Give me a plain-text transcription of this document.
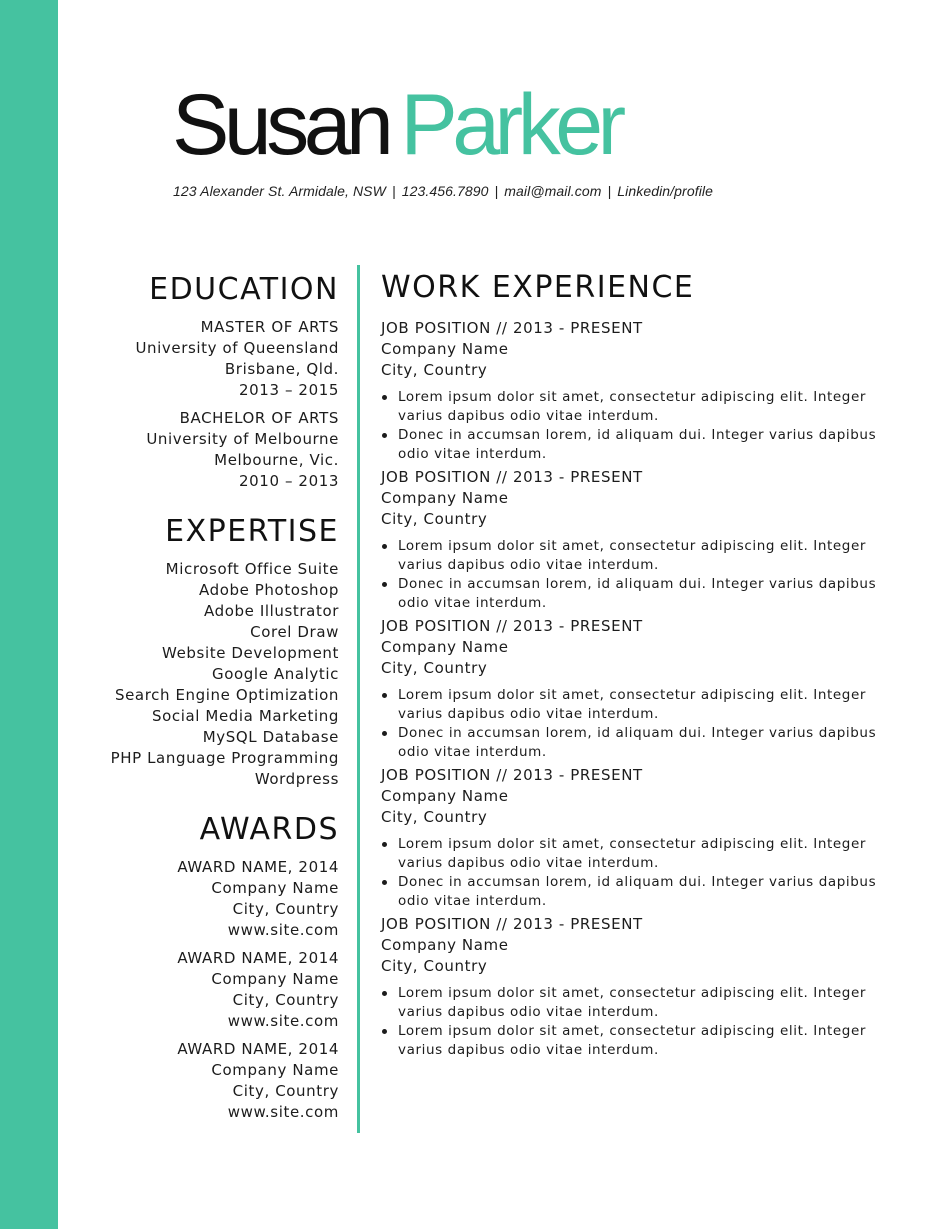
Susan Parker
123 Alexander St. Armidale, NSW | 123.456.7890 | mail@mail.com | Linkedin/profile
EDUCATION
MASTER OF ARTS
University of Queensland
Brisbane, Qld.
2013 – 2015
BACHELOR OF ARTS
University of Melbourne
Melbourne, Vic.
2010 – 2013
EXPERTISE
Microsoft Office Suite
Adobe Photoshop
Adobe Illustrator
Corel Draw
Website Development
Google Analytic
Search Engine Optimization
Social Media Marketing
MySQL Database
PHP Language Programming
Wordpress
AWARDS
AWARD NAME, 2014
Company Name
City, Country
www.site.com
AWARD NAME, 2014
Company Name
City, Country
www.site.com
AWARD NAME, 2014
Company Name
City, Country
www.site.com
WORK EXPERIENCE
JOB POSITION // 2013 - PRESENT
Company Name
City, Country
Lorem ipsum dolor sit amet, consectetur adipiscing elit. Integer varius dapibus odio vitae interdum.
Donec in accumsan lorem, id aliquam dui. Integer varius dapibus odio vitae interdum.
JOB POSITION // 2013 - PRESENT
Company Name
City, Country
Lorem ipsum dolor sit amet, consectetur adipiscing elit. Integer varius dapibus odio vitae interdum.
Donec in accumsan lorem, id aliquam dui. Integer varius dapibus odio vitae interdum.
JOB POSITION // 2013 - PRESENT
Company Name
City, Country
Lorem ipsum dolor sit amet, consectetur adipiscing elit. Integer varius dapibus odio vitae interdum.
Donec in accumsan lorem, id aliquam dui. Integer varius dapibus odio vitae interdum.
JOB POSITION // 2013 - PRESENT
Company Name
City, Country
Lorem ipsum dolor sit amet, consectetur adipiscing elit. Integer varius dapibus odio vitae interdum.
Donec in accumsan lorem, id aliquam dui. Integer varius dapibus odio vitae interdum.
JOB POSITION // 2013 - PRESENT
Company Name
City, Country
Lorem ipsum dolor sit amet, consectetur adipiscing elit. Integer varius dapibus odio vitae interdum.
Lorem ipsum dolor sit amet, consectetur adipiscing elit. Integer varius dapibus odio vitae interdum.
